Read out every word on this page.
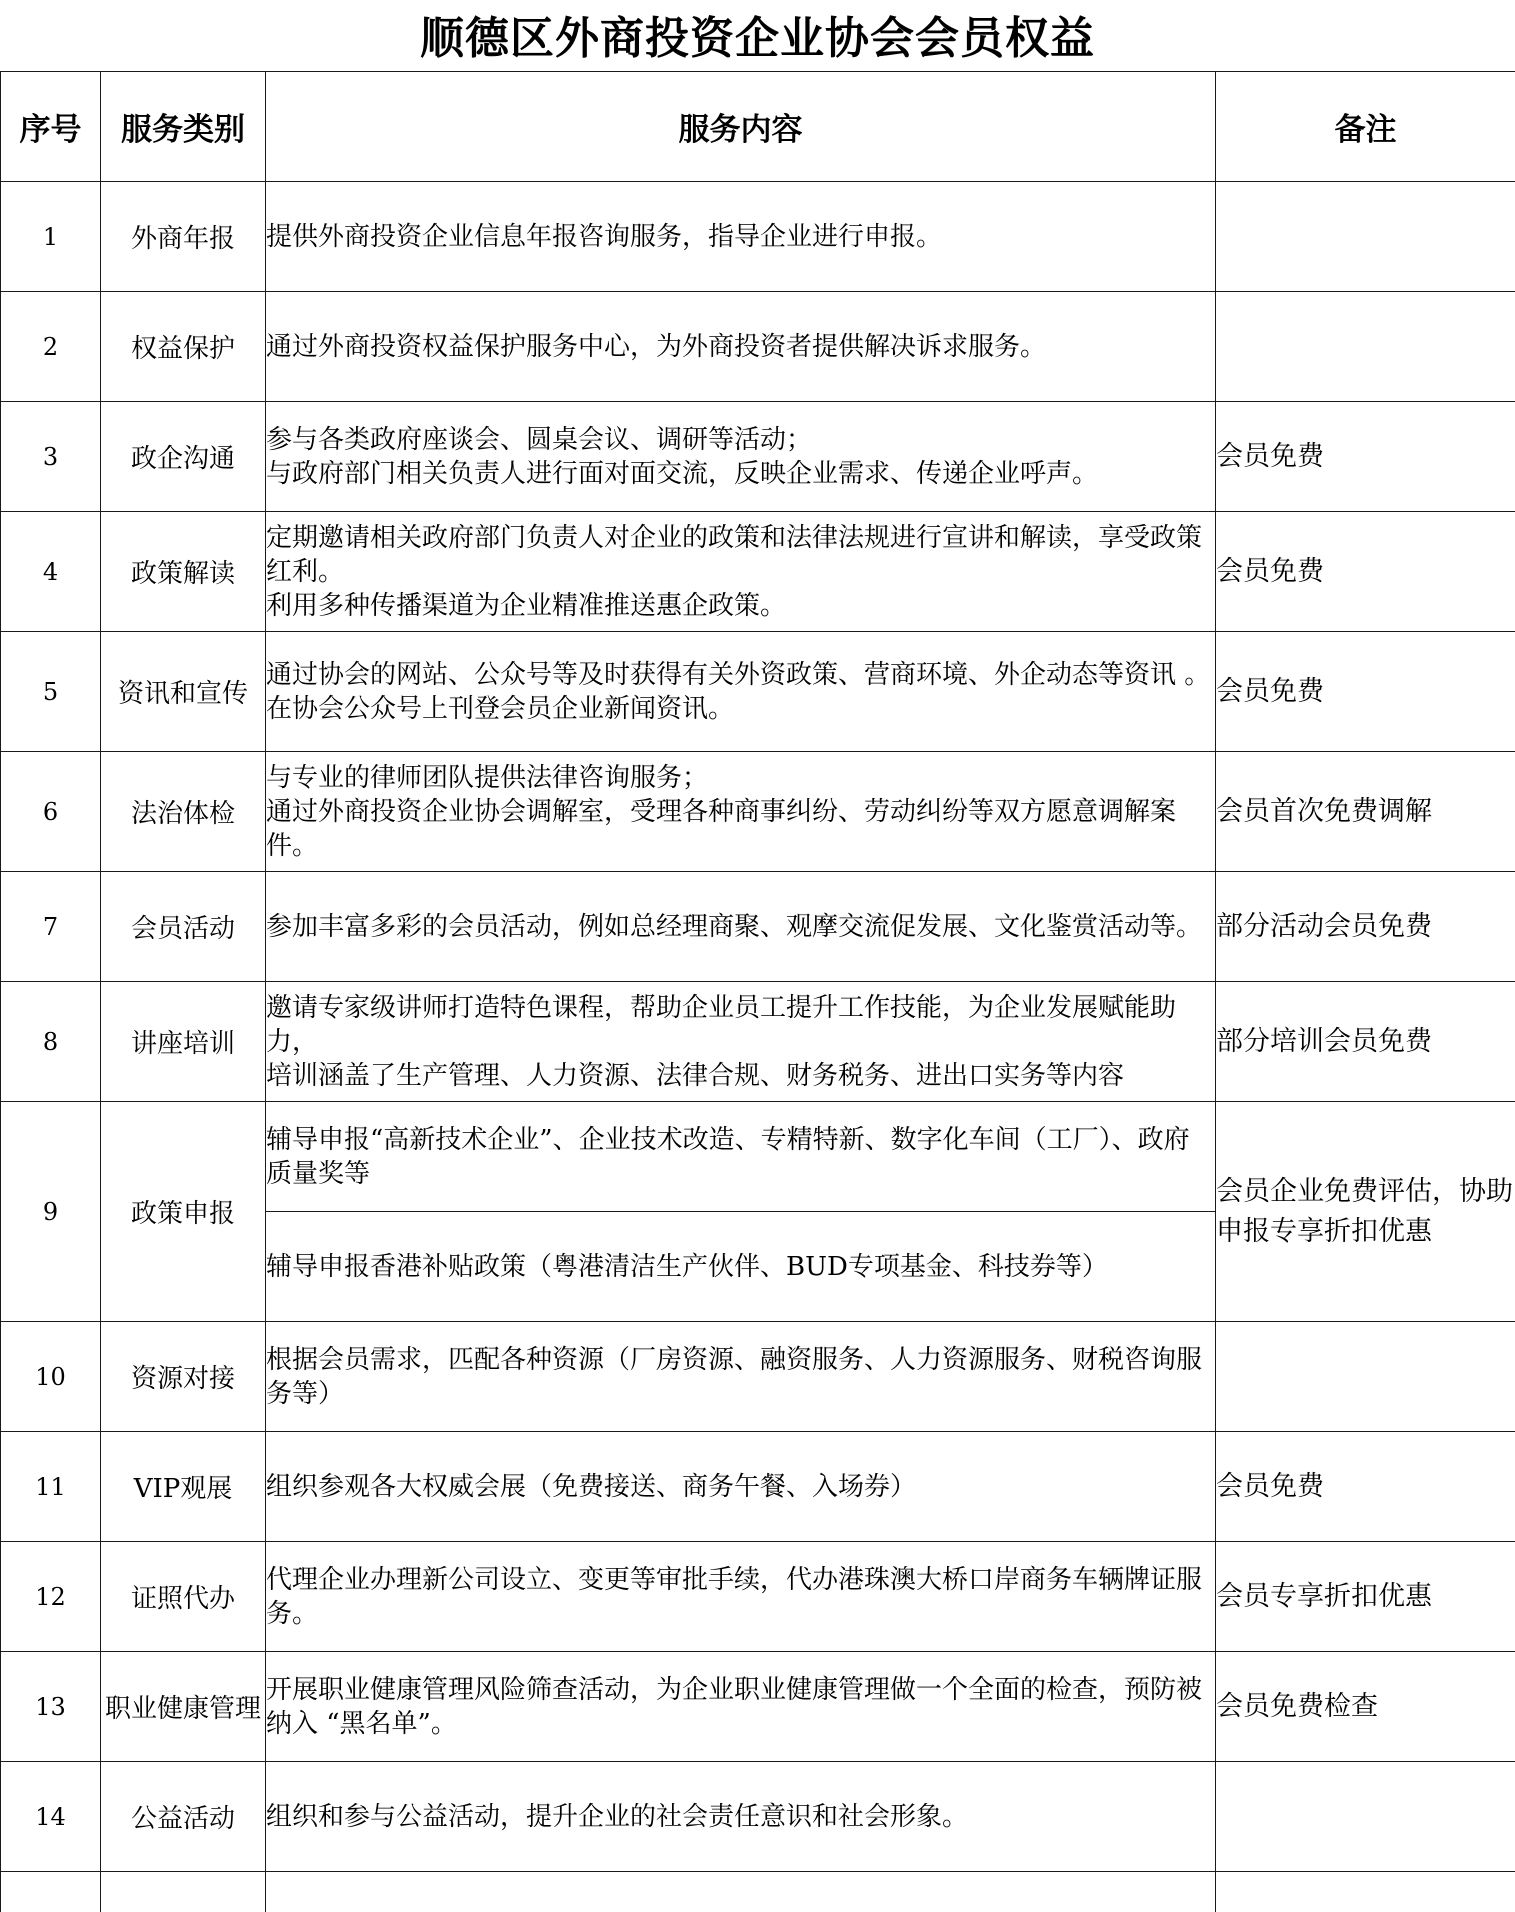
顺德区外商投资企业协会会员权益
序号	服务类别	服务内容	备注
1	外商年报	提供外商投资企业信息年报咨询服务，指导企业进行申报。	

2	权益保护	通过外商投资权益保护服务中心，为外商投资者提供解决诉求服务。	

3	政企沟通	参与各类政府座谈会、圆桌会议、调研等活动；
与政府部门相关负责人进行面对面交流，反映企业需求、传递企业呼声。	会员免费
4	政策解读	定期邀请相关政府部门负责人对企业的政策和法律法规进行宣讲和解读，享受政策红利。
利用多种传播渠道为企业精准推送惠企政策。	会员免费
5	资讯和宣传	通过协会的网站、公众号等及时获得有关外资政策、营商环境、外企动态等资讯 。
在协会公众号上刊登会员企业新闻资讯。	会员免费
6	法治体检	与专业的律师团队提供法律咨询服务；
通过外商投资企业协会调解室，受理各种商事纠纷、劳动纠纷等双方愿意调解案件。	会员首次免费调解
7	会员活动	参加丰富多彩的会员活动，例如总经理商聚、观摩交流促发展、文化鉴赏活动等。	部分活动会员免费
8	讲座培训	邀请专家级讲师打造特色课程，帮助企业员工提升工作技能，为企业发展赋能助力，
培训涵盖了生产管理、人力资源、法律合规、财务税务、进出口实务等内容	部分培训会员免费
9	政策申报	辅导申报“高新技术企业”、企业技术改造、专精特新、数字化车间（工厂）、政府质量奖等	会员企业免费评估，协助申报专享折扣优惠

		辅导申报香港补贴政策（粤港清洁生产伙伴、BUD专项基金、科技券等）	

10	资源对接	根据会员需求，匹配各种资源（厂房资源、融资服务、人力资源服务、财税咨询服务等）	

11	VIP观展	组织参观各大权威会展（免费接送、商务午餐、入场券）	会员免费
12	证照代办	代理企业办理新公司设立、变更等审批手续，代办港珠澳大桥口岸商务车辆牌证服务。	会员专享折扣优惠
13	职业健康管理	开展职业健康管理风险筛查活动，为企业职业健康管理做一个全面的检查，预防被纳入 “黑名单”。	会员免费检查
14	公益活动	组织和参与公益活动，提升企业的社会责任意识和社会形象。	
